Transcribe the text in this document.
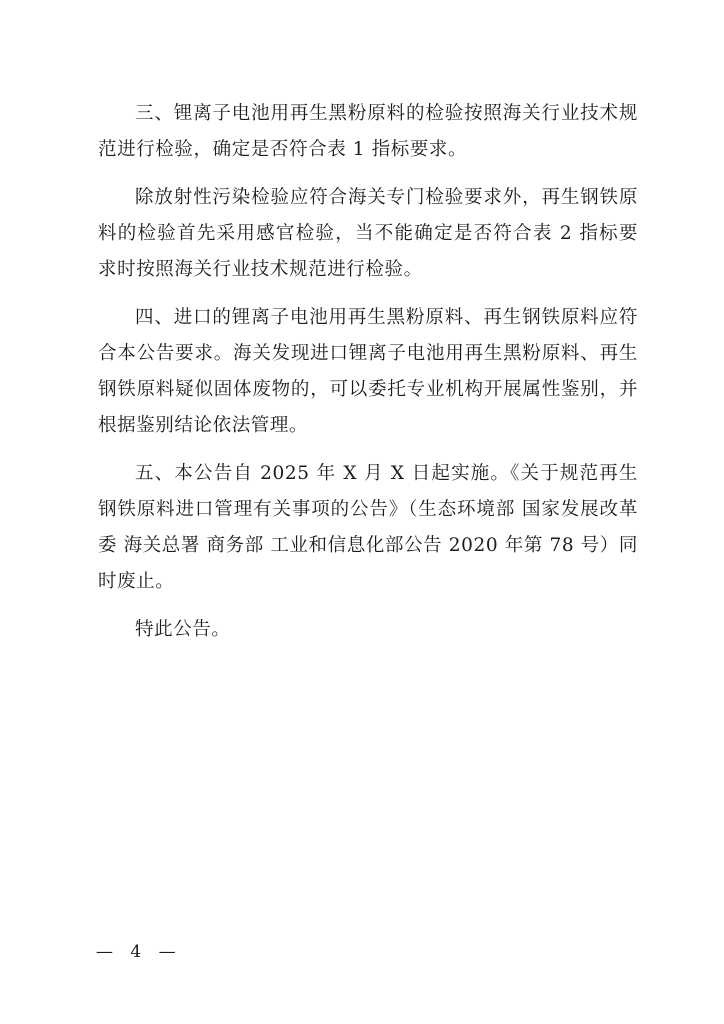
三、锂离子电池用再生黑粉原料的检验按照海关行业技术规范进行检验，确定是否符合表 1 指标要求。

除放射性污染检验应符合海关专门检验要求外，再生钢铁原料的检验首先采用感官检验，当不能确定是否符合表 2 指标要求时按照海关行业技术规范进行检验。

四、进口的锂离子电池用再生黑粉原料、再生钢铁原料应符合本公告要求。海关发现进口锂离子电池用再生黑粉原料、再生钢铁原料疑似固体废物的，可以委托专业机构开展属性鉴别，并根据鉴别结论依法管理。

五、本公告自 2025 年 X 月 X 日起实施。《关于规范再生钢铁原料进口管理有关事项的公告》（生态环境部 国家发展改革委 海关总署 商务部 工业和信息化部公告 2020 年第 78 号）同时废止。

特此公告。

— 4 —
